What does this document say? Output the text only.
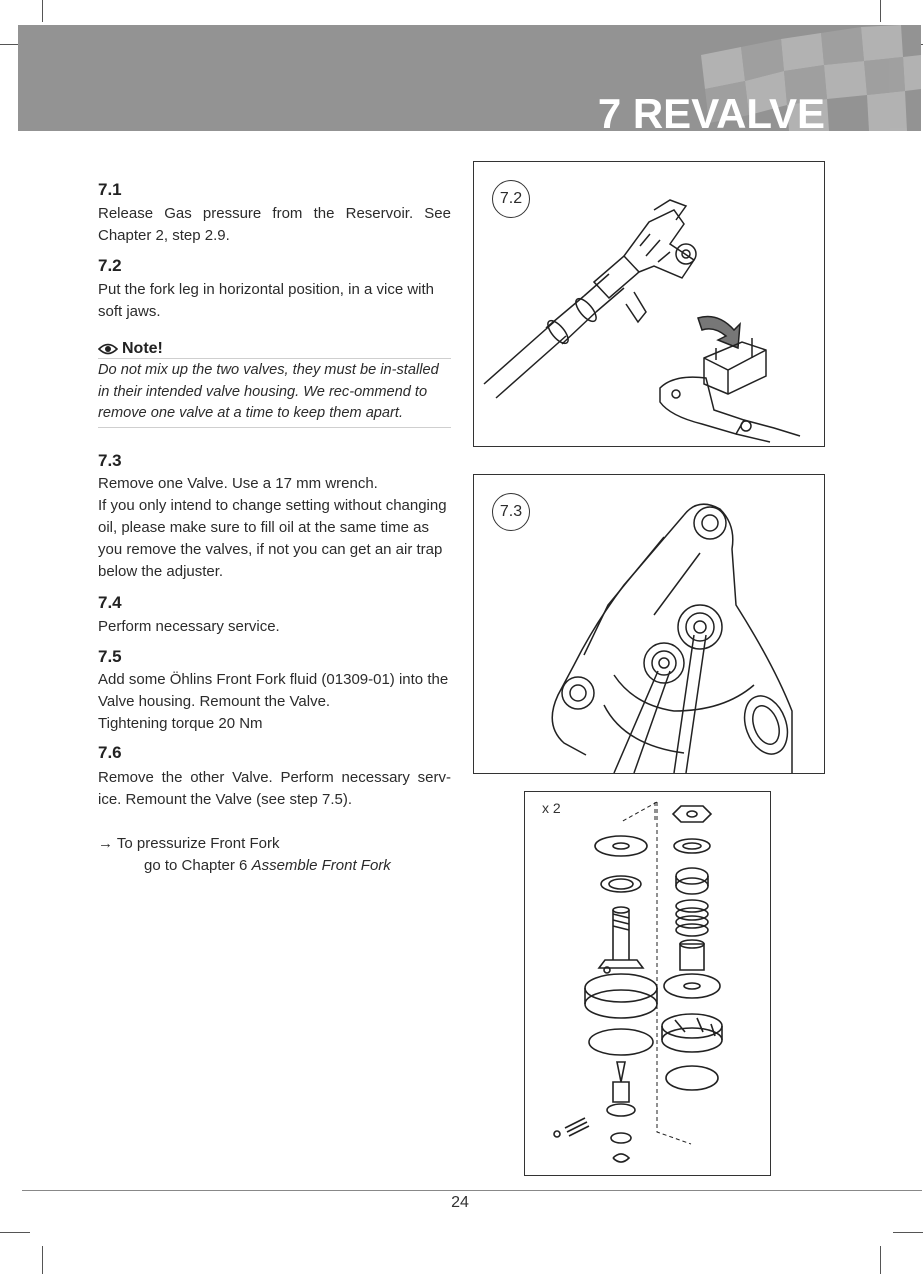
7 REVALVE
7.1

Release Gas pressure from the Reservoir. See Chapter 2, step 2.9.

7.2

Put the fork leg in horizontal position, in a vice with soft jaws.

Note!
Do not mix up the two valves, they must be in-stalled in their intended valve housing. We rec-ommend to remove one valve at a time to keep them apart.
7.3

Remove one Valve. Use a 17 mm wrench.

If you only intend to change setting without changing oil, please make sure to fill oil at the same time as you remove the valves, if not you can get an air trap below the adjuster.

7.4

Perform necessary service.

7.5

Add some Öhlins Front Fork fluid (01309-01) into the Valve housing. Remount the Valve.

Tightening torque 20 Nm

7.6

Remove the other Valve. Perform necessary serv-ice. Remount the Valve (see step 7.5).

→ To pressurize Front Fork

go to Chapter 6 Assemble Front Fork

7.2
7.3
x 2
24
